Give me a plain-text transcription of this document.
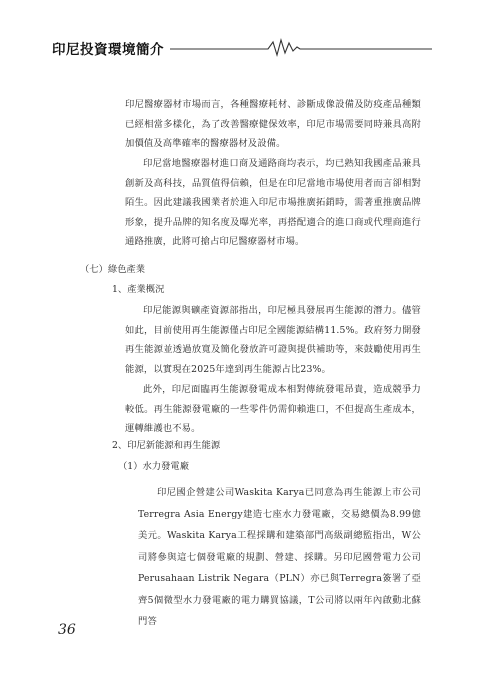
印尼投資環境簡介

印尼醫療器材市場而言，各種醫療耗材、診斷成像設備及防疫產品種類已經相當多樣化，為了改善醫療健保效率，印尼市場需要同時兼具高附加價值及高準確率的醫療器材及設備。

印尼當地醫療器材進口商及通路商均表示，均已熟知我國產品兼具創新及高科技，品質值得信賴，但是在印尼當地市場使用者而言卻相對陌生。因此建議我國業者於進入印尼市場推廣拓銷時，需著重推廣品牌形象，提升品牌的知名度及曝光率，再搭配適合的進口商或代理商進行通路推廣，此將可搶占印尼醫療器材市場。

（七）綠色產業
1、產業概況

印尼能源與礦產資源部指出，印尼極具發展再生能源的潛力。儘管如此，目前使用再生能源僅占印尼全國能源結構11.5%。政府努力開發再生能源並透過放寬及簡化發放許可證與提供補助等，來鼓勵使用再生能源，以實現在2025年達到再生能源占比23%。

此外，印尼面臨再生能源發電成本相對傳統發電昂貴，造成競爭力較低。再生能源發電廠的一些零件仍需仰賴進口，不但提高生產成本，運轉維護也不易。

2、印尼新能源和再生能源
（1）水力發電廠

印尼國企營建公司Waskita Karya已同意為再生能源上市公司Terregra Asia Energy建造七座水力發電廠，交易總價為8.99億美元。Waskita Karya工程採購和建築部門高級副總監指出，W公司將參與這七個發電廠的規劃、營建、採購。另印尼國營電力公司Perusahaan Listrik Negara（PLN）亦已與Terregra簽署了亞齊5個微型水力發電廠的電力購買協議，T公司將以兩年內啟動北蘇門答

36
